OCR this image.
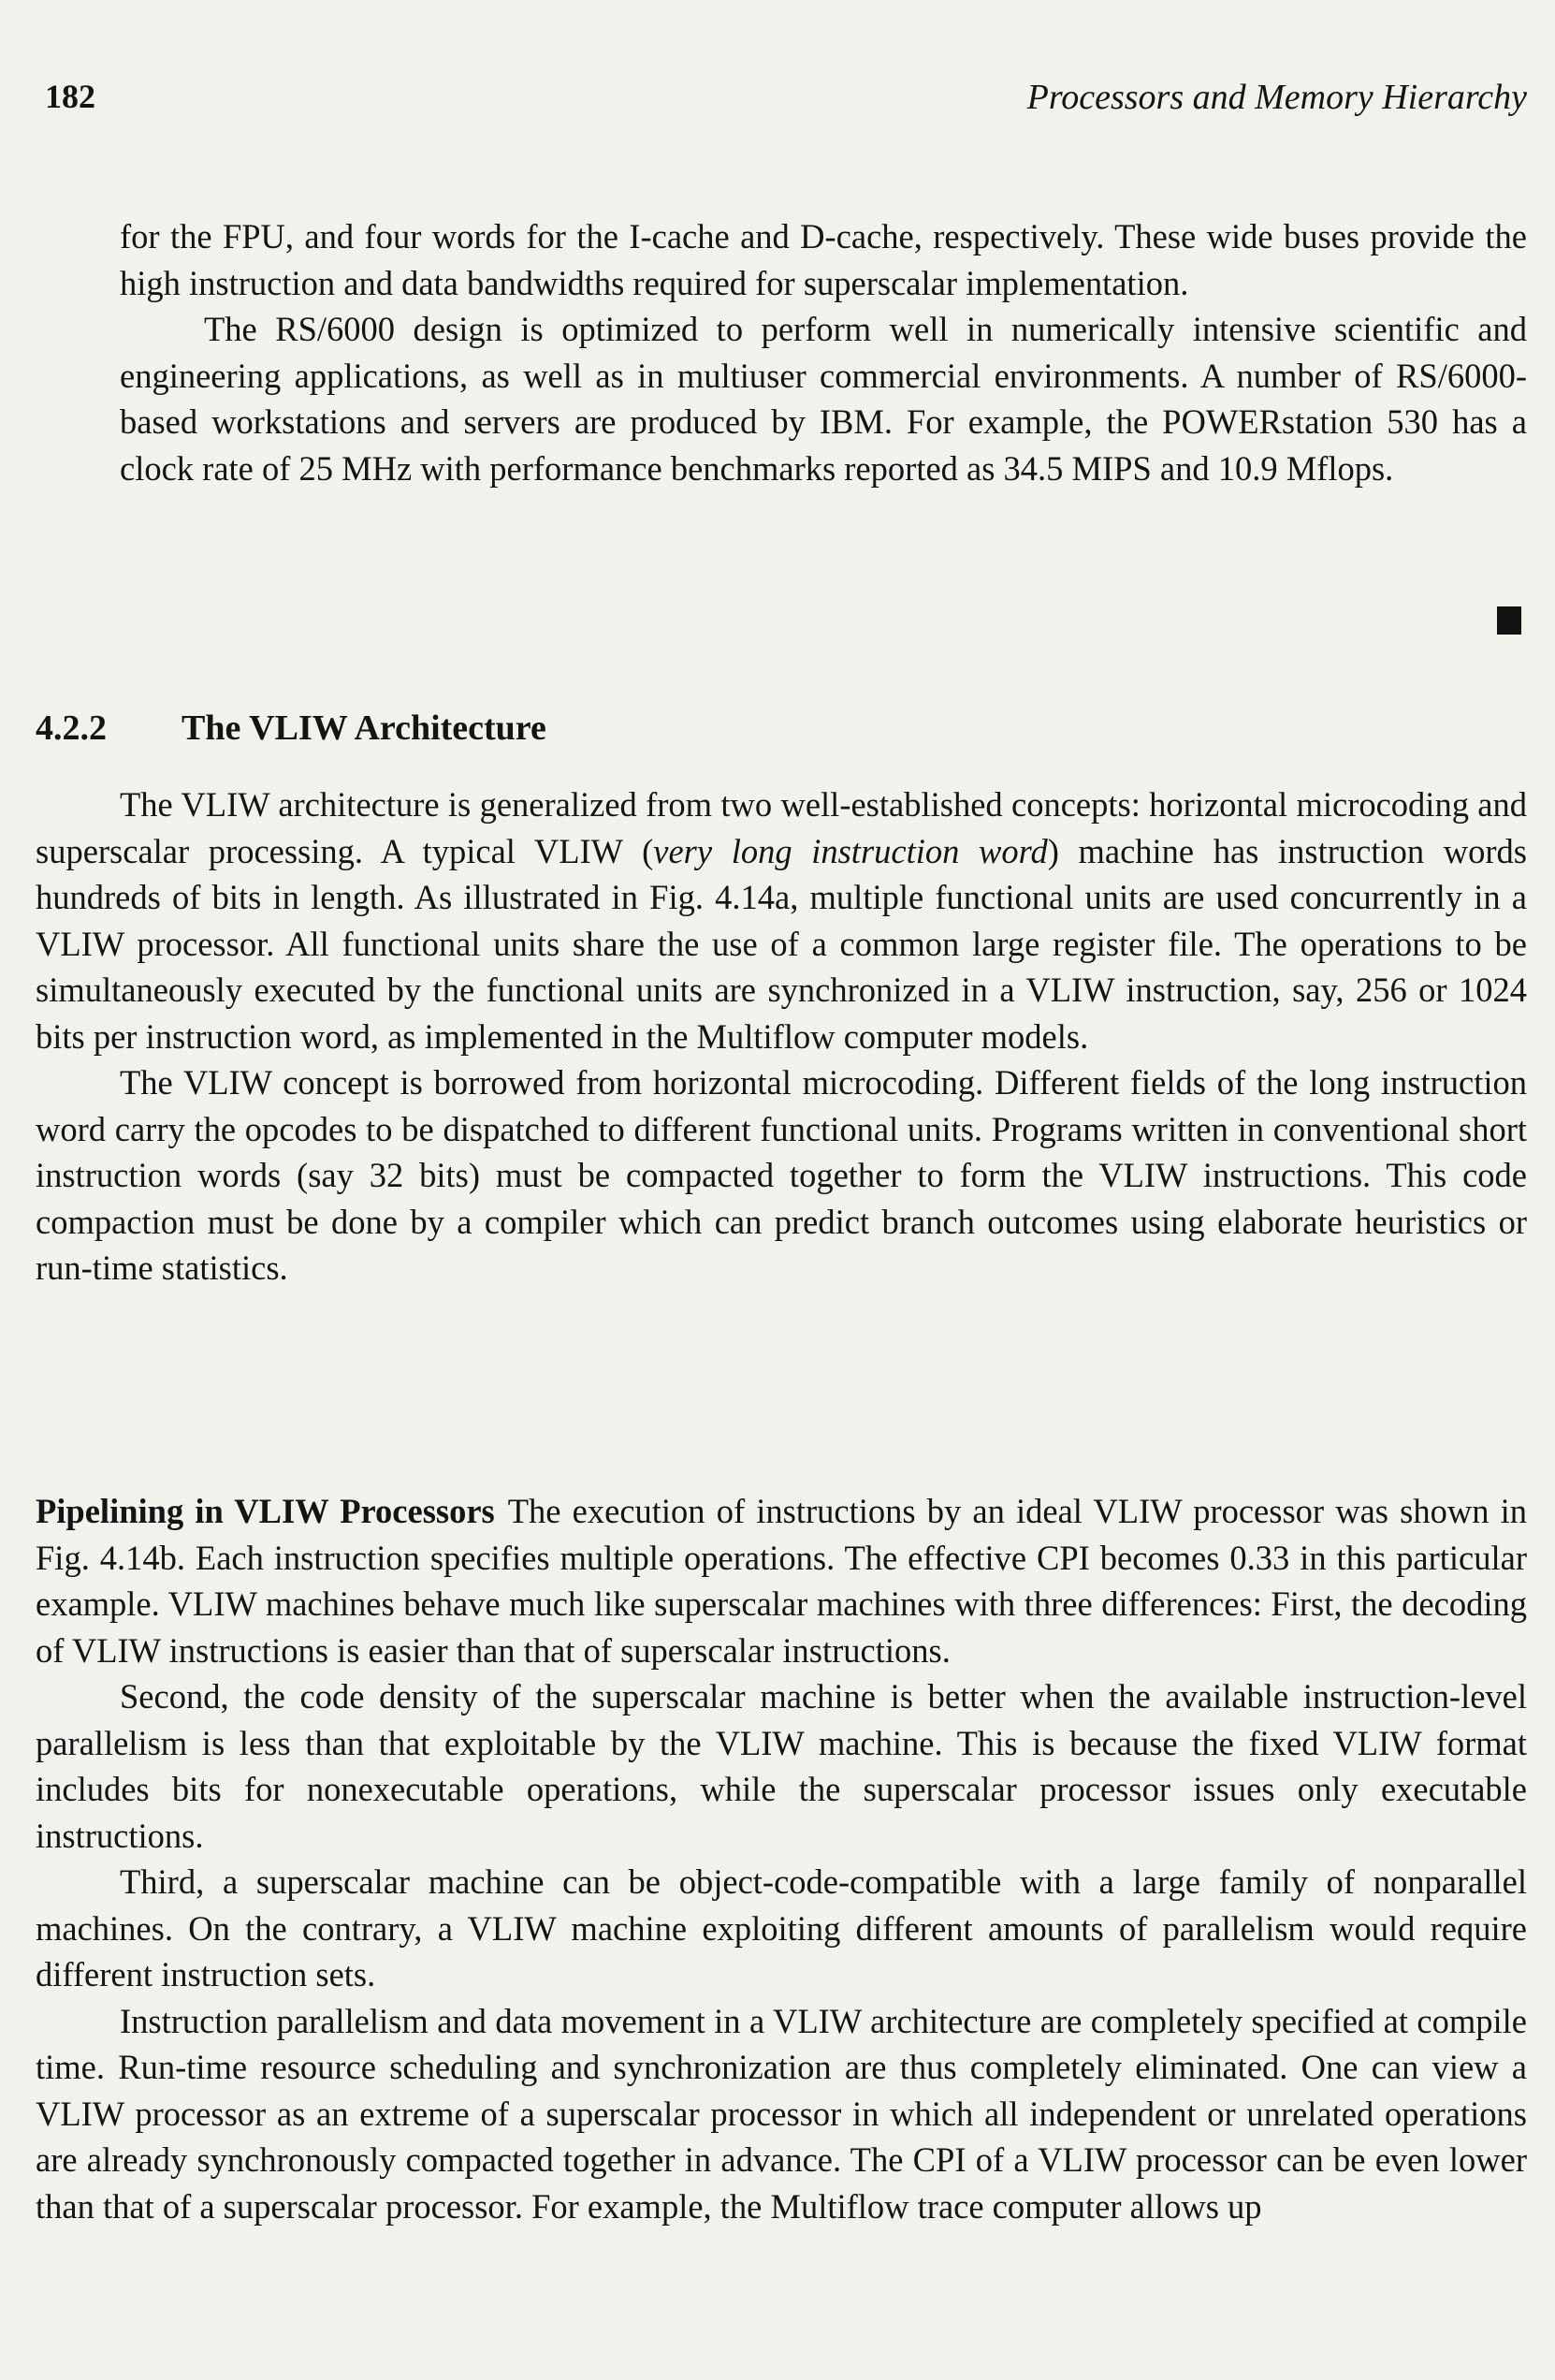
182	Processors and Memory Hierarchy

for the FPU, and four words for the I-cache and D-cache, respectively. These wide buses provide the high instruction and data bandwidths required for superscalar implementation.

The RS/6000 design is optimized to perform well in numerically intensive scientific and engineering applications, as well as in multiuser commercial environments. A number of RS/6000-based workstations and servers are produced by IBM. For example, the POWERstation 530 has a clock rate of 25 MHz with performance benchmarks reported as 34.5 MIPS and 10.9 Mflops.

4.2.2 The VLIW Architecture

The VLIW architecture is generalized from two well-established concepts: horizontal microcoding and superscalar processing. A typical VLIW (very long instruction word) machine has instruction words hundreds of bits in length. As illustrated in Fig. 4.14a, multiple functional units are used concurrently in a VLIW processor. All functional units share the use of a common large register file. The operations to be simultaneously executed by the functional units are synchronized in a VLIW instruction, say, 256 or 1024 bits per instruction word, as implemented in the Multiflow computer models.

The VLIW concept is borrowed from horizontal microcoding. Different fields of the long instruction word carry the opcodes to be dispatched to different functional units. Programs written in conventional short instruction words (say 32 bits) must be compacted together to form the VLIW instructions. This code compaction must be done by a compiler which can predict branch outcomes using elaborate heuristics or run-time statistics.

Pipelining in VLIW Processors The execution of instructions by an ideal VLIW processor was shown in Fig. 4.14b. Each instruction specifies multiple operations. The effective CPI becomes 0.33 in this particular example. VLIW machines behave much like superscalar machines with three differences: First, the decoding of VLIW instructions is easier than that of superscalar instructions.

Second, the code density of the superscalar machine is better when the available instruction-level parallelism is less than that exploitable by the VLIW machine. This is because the fixed VLIW format includes bits for nonexecutable operations, while the superscalar processor issues only executable instructions.

Third, a superscalar machine can be object-code-compatible with a large family of nonparallel machines. On the contrary, a VLIW machine exploiting different amounts of parallelism would require different instruction sets.

Instruction parallelism and data movement in a VLIW architecture are completely specified at compile time. Run-time resource scheduling and synchronization are thus completely eliminated. One can view a VLIW processor as an extreme of a superscalar processor in which all independent or unrelated operations are already synchronously compacted together in advance. The CPI of a VLIW processor can be even lower than that of a superscalar processor. For example, the Multiflow trace computer allows up
